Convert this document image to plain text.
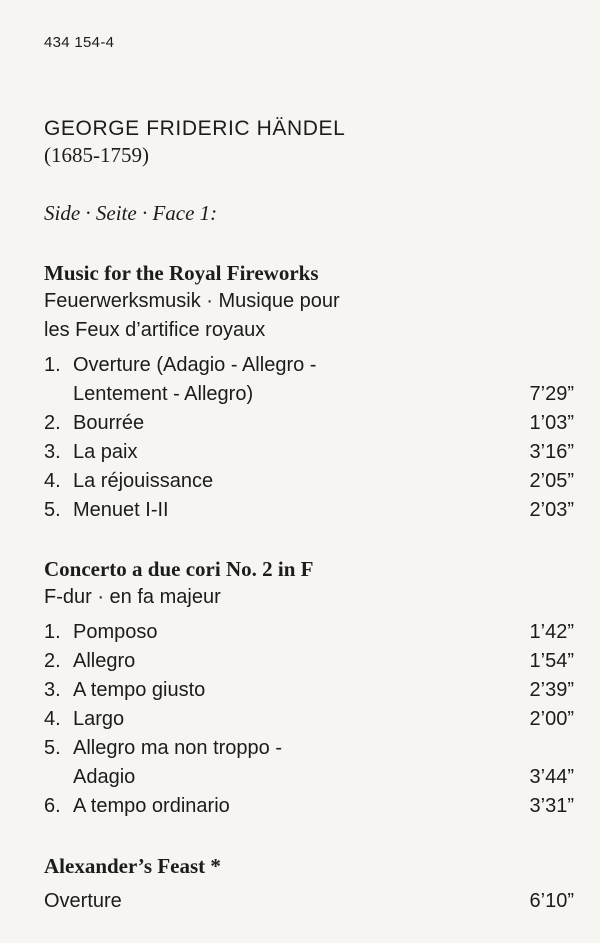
434 154-4
GEORGE FRIDERIC HÄNDEL
(1685-1759)
Side · Seite · Face 1:
Music for the Royal Fireworks
Feuerwerksmusik · Musique pour
les Feux d’artifice royaux
1. Overture (Adagio - Allegro -
Lentement - Allegro)	7’29”
2. Bourrée	1’03”
3. La paix	3’16”
4. La réjouissance	2’05”
5. Menuet I-II	2’03”
Concerto a due cori No. 2 in F
F-dur · en fa majeur
1. Pomposo	1’42”
2. Allegro	1’54”
3. A tempo giusto	2’39”
4. Largo	2’00”
5. Allegro ma non troppo -
Adagio	3’44”
6. A tempo ordinario	3’31”
Alexander’s Feast *
Overture	6’10”
